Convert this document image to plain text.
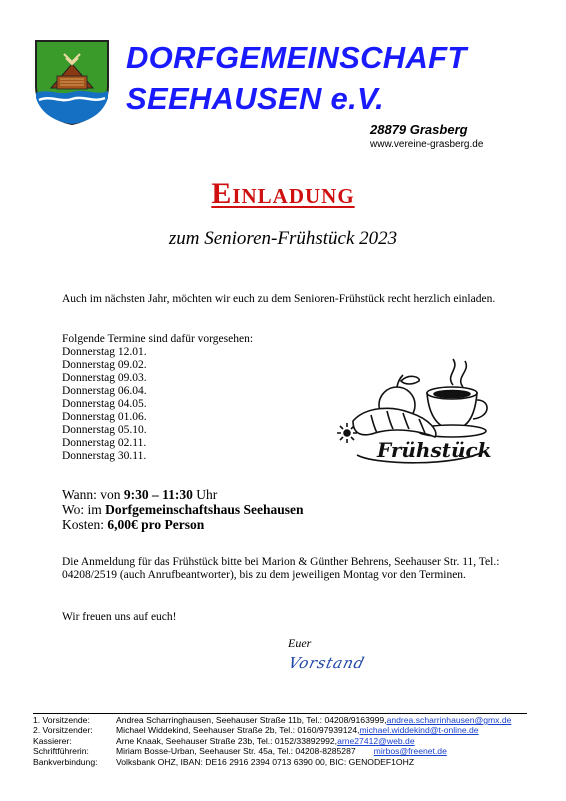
DORFGEMEINSCHAFT
SEEHAUSEN e.V.
28879 Grasberg
www.vereine-grasberg.de
Einladung
zum Senioren-Frühstück 2023
Auch im nächsten Jahr, möchten wir euch zu dem Senioren-Frühstück recht herzlich einladen.
Folgende Termine sind dafür vorgesehen:
Donnerstag 12.01.
Donnerstag 09.02.
Donnerstag 09.03.
Donnerstag 06.04.
Donnerstag 04.05.
Donnerstag 01.06.
Donnerstag 05.10.
Donnerstag 02.11.
Donnerstag 30.11.	Frühstück
Wann: von 9:30 – 11:30 Uhr
Wo: im Dorfgemeinschaftshaus Seehausen
Kosten: 6,00€ pro Person
Die Anmeldung für das Frühstück bitte bei Marion & Günther Behrens, Seehauser Str. 11, Tel.: 04208/2519 (auch Anrufbeantworter), bis zu dem jeweiligen Montag vor den Terminen.
Wir freuen uns auf euch!
Euer
Vorstand
1. Vorsitzende:	Andrea Scharringhausen, Seehauser Straße 11b, Tel.: 04208/9163999, andrea.scharrinhausen@gmx.de
2. Vorsitzender:	Michael Widdekind, Seehauser Straße 2b, Tel.: 0160/97939124, michael.widdekind@t-online.de
Kassierer:	Arne Knaak, Seehauser Straße 23b, Tel.: 0152/33892992, arne27412@web.de
Schriftführerin:	Miriam Bosse-Urban, Seehauser Str. 45a, Tel.: 04208-8285287 mirbos@freenet.de
Bankverbindung:	Volksbank OHZ, IBAN: DE16 2916 2394 0713 6390 00, BIC: GENODEF1OHZ
